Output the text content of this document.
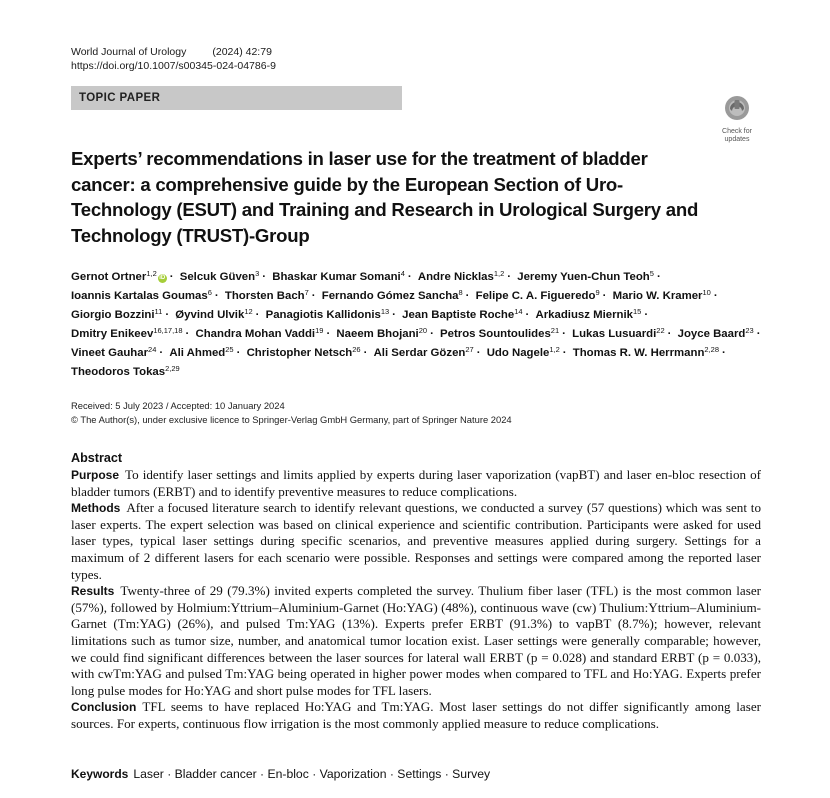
World Journal of Urology (2024) 42:79
https://doi.org/10.1007/s00345-024-04786-9
TOPIC PAPER
Check for
updates
Experts’ recommendations in laser use for the treatment of bladder cancer: a comprehensive guide by the European Section of Uro-Technology (ESUT) and Training and Research in Urological Surgery and Technology (TRUST)-Group
Gernot Ortner$^{1,2}$ iD · Selcuk Güven$^3$ · Bhaskar Kumar Somani$^4$ · Andre Nicklas$^{1,2}$ · Jeremy Yuen-Chun Teoh$^5$ · Ioannis Kartalas Goumas$^6$ · Thorsten Bach$^7$ · Fernando Gómez Sancha$^8$ · Felipe C. A. Figueredo$^9$ · Mario W. Kramer$^{10}$ · Giorgio Bozzini$^{11}$ · Øyvind Ulvik$^{12}$ · Panagiotis Kallidonis$^{13}$ · Jean Baptiste Roche$^{14}$ · Arkadiusz Miernik$^{15}$ · Dmitry Enikeev$^{16,17,18}$ · Chandra Mohan Vaddi$^{19}$ · Naeem Bhojani$^{20}$ · Petros Sountoulides$^{21}$ · Lukas Lusuardi$^{22}$ · Joyce Baard$^{23}$ · Vineet Gauhar$^{24}$ · Ali Ahmed$^{25}$ · Christopher Netsch$^{26}$ · Ali Serdar Gözen$^{27}$ · Udo Nagele$^{1,2}$ · Thomas R. W. Herrmann$^{2,28}$ · Theodoros Tokas$^{2,29}$
Received: 5 July 2023 / Accepted: 10 January 2024
© The Author(s), under exclusive licence to Springer-Verlag GmbH Germany, part of Springer Nature 2024
Abstract

Purpose To identify laser settings and limits applied by experts during laser vaporization (vapBT) and laser en-bloc resection of bladder tumors (ERBT) and to identify preventive measures to reduce complications.

Methods After a focused literature search to identify relevant questions, we conducted a survey (57 questions) which was sent to laser experts. The expert selection was based on clinical experience and scientific contribution. Participants were asked for used laser types, typical laser settings during specific scenarios, and preventive measures applied during surgery. Settings for a maximum of 2 different lasers for each scenario were possible. Responses and settings were compared among the reported laser types.

Results Twenty-three of 29 (79.3%) invited experts completed the survey. Thulium fiber laser (TFL) is the most common laser (57%), followed by Holmium:Yttrium–Aluminium-Garnet (Ho:YAG) (48%), continuous wave (cw) Thulium:Yttrium–Aluminium-Garnet (Tm:YAG) (26%), and pulsed Tm:YAG (13%). Experts prefer ERBT (91.3%) to vapBT (8.7%); however, relevant limitations such as tumor size, number, and anatomical tumor location exist. Laser settings were generally comparable; however, we could find significant differences between the laser sources for lateral wall ERBT (p = 0.028) and standard ERBT (p = 0.033), with cwTm:YAG and pulsed Tm:YAG being operated in higher power modes when compared to TFL and Ho:YAG. Experts prefer long pulse modes for Ho:YAG and short pulse modes for TFL lasers.

Conclusion TFL seems to have replaced Ho:YAG and Tm:YAG. Most laser settings do not differ significantly among laser sources. For experts, continuous flow irrigation is the most commonly applied measure to reduce complications.

Keywords Laser · Bladder cancer · En-bloc · Vaporization · Settings · Survey
